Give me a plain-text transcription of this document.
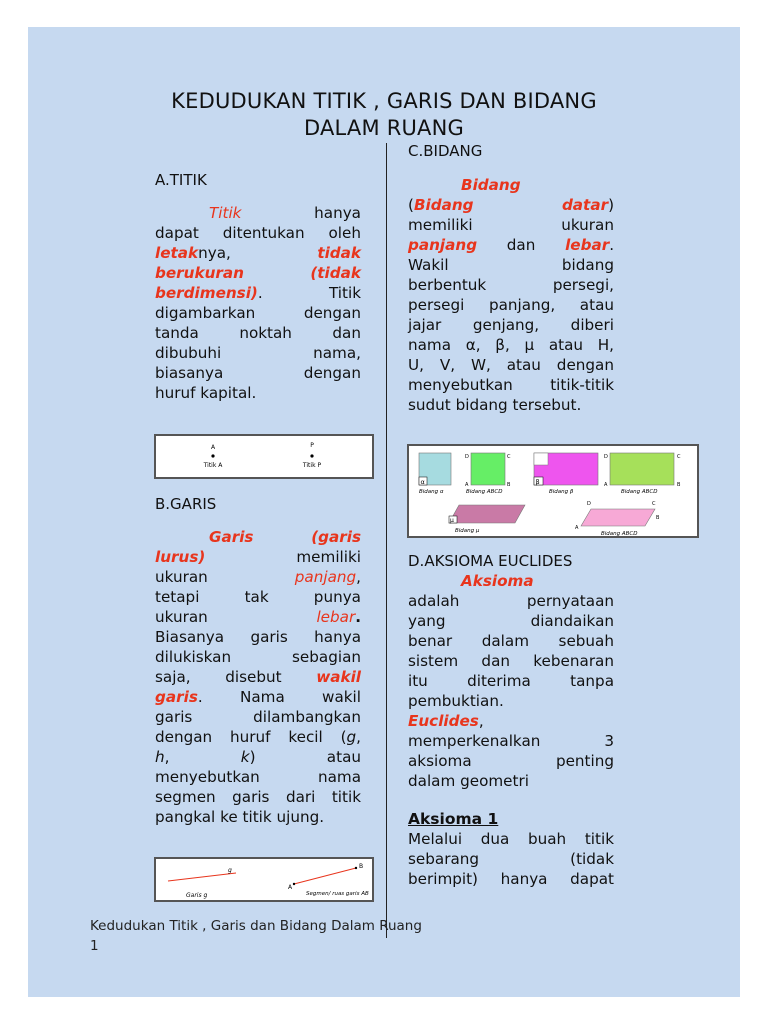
KEDUDUKAN TITIK , GARIS DAN BIDANG
DALAM RUANG
A.TITIK
Titik	hanya
dapat ditentukan oleh
letaknya,	tidak
berukuran	(tidak
berdimensi). Titik
digambarkan dengan
tanda noktah dan
dibubuhi nama,
biasanya dengan
huruf kapital.
A
Titik A
P
Titik P
B.GARIS
Garis	(garis
lurus)	memiliki
ukuran	panjang,
tetapi tak punya
ukuran	lebar.
Biasanya garis hanya
dilukiskan sebagian
saja, disebut wakil
garis. Nama wakil
garis dilambangkan
dengan huruf kecil (g,
h,	k) atau
menyebutkan nama
segmen garis dari titik
pangkal ke titik ujung.
g
Garis g
A
B
Segmen/ ruas garis AB
C.BIDANG
Bidang
(Bidang	datar)
memiliki ukuran
panjang dan lebar.
Wakil bidang
berbentuk persegi,
persegi panjang, atau
jajar genjang, diberi
nama α, β, μ atau H,
U, V, W, atau dengan
menyebutkan titik-titik
sudut bidang tersebut.
α
Bidang α
D	C
A	B
Bidang ABCD
β
Bidang β
D	C
A	B
Bidang ABCD
μ
Bidang μ
D	C
A
B
Bidang ABCD
D.AKSIOMA EUCLIDES
Aksioma
adalah pernyataan
yang diandaikan
benar dalam sebuah
sistem dan kebenaran
itu diterima tanpa
pembuktian.
Euclides,
memperkenalkan 3
aksioma penting
dalam geometri
Aksioma 1
Melalui dua buah titik
sebarang (tidak
berimpit) hanya dapat
Kedudukan Titik , Garis dan Bidang Dalam Ruang
1
